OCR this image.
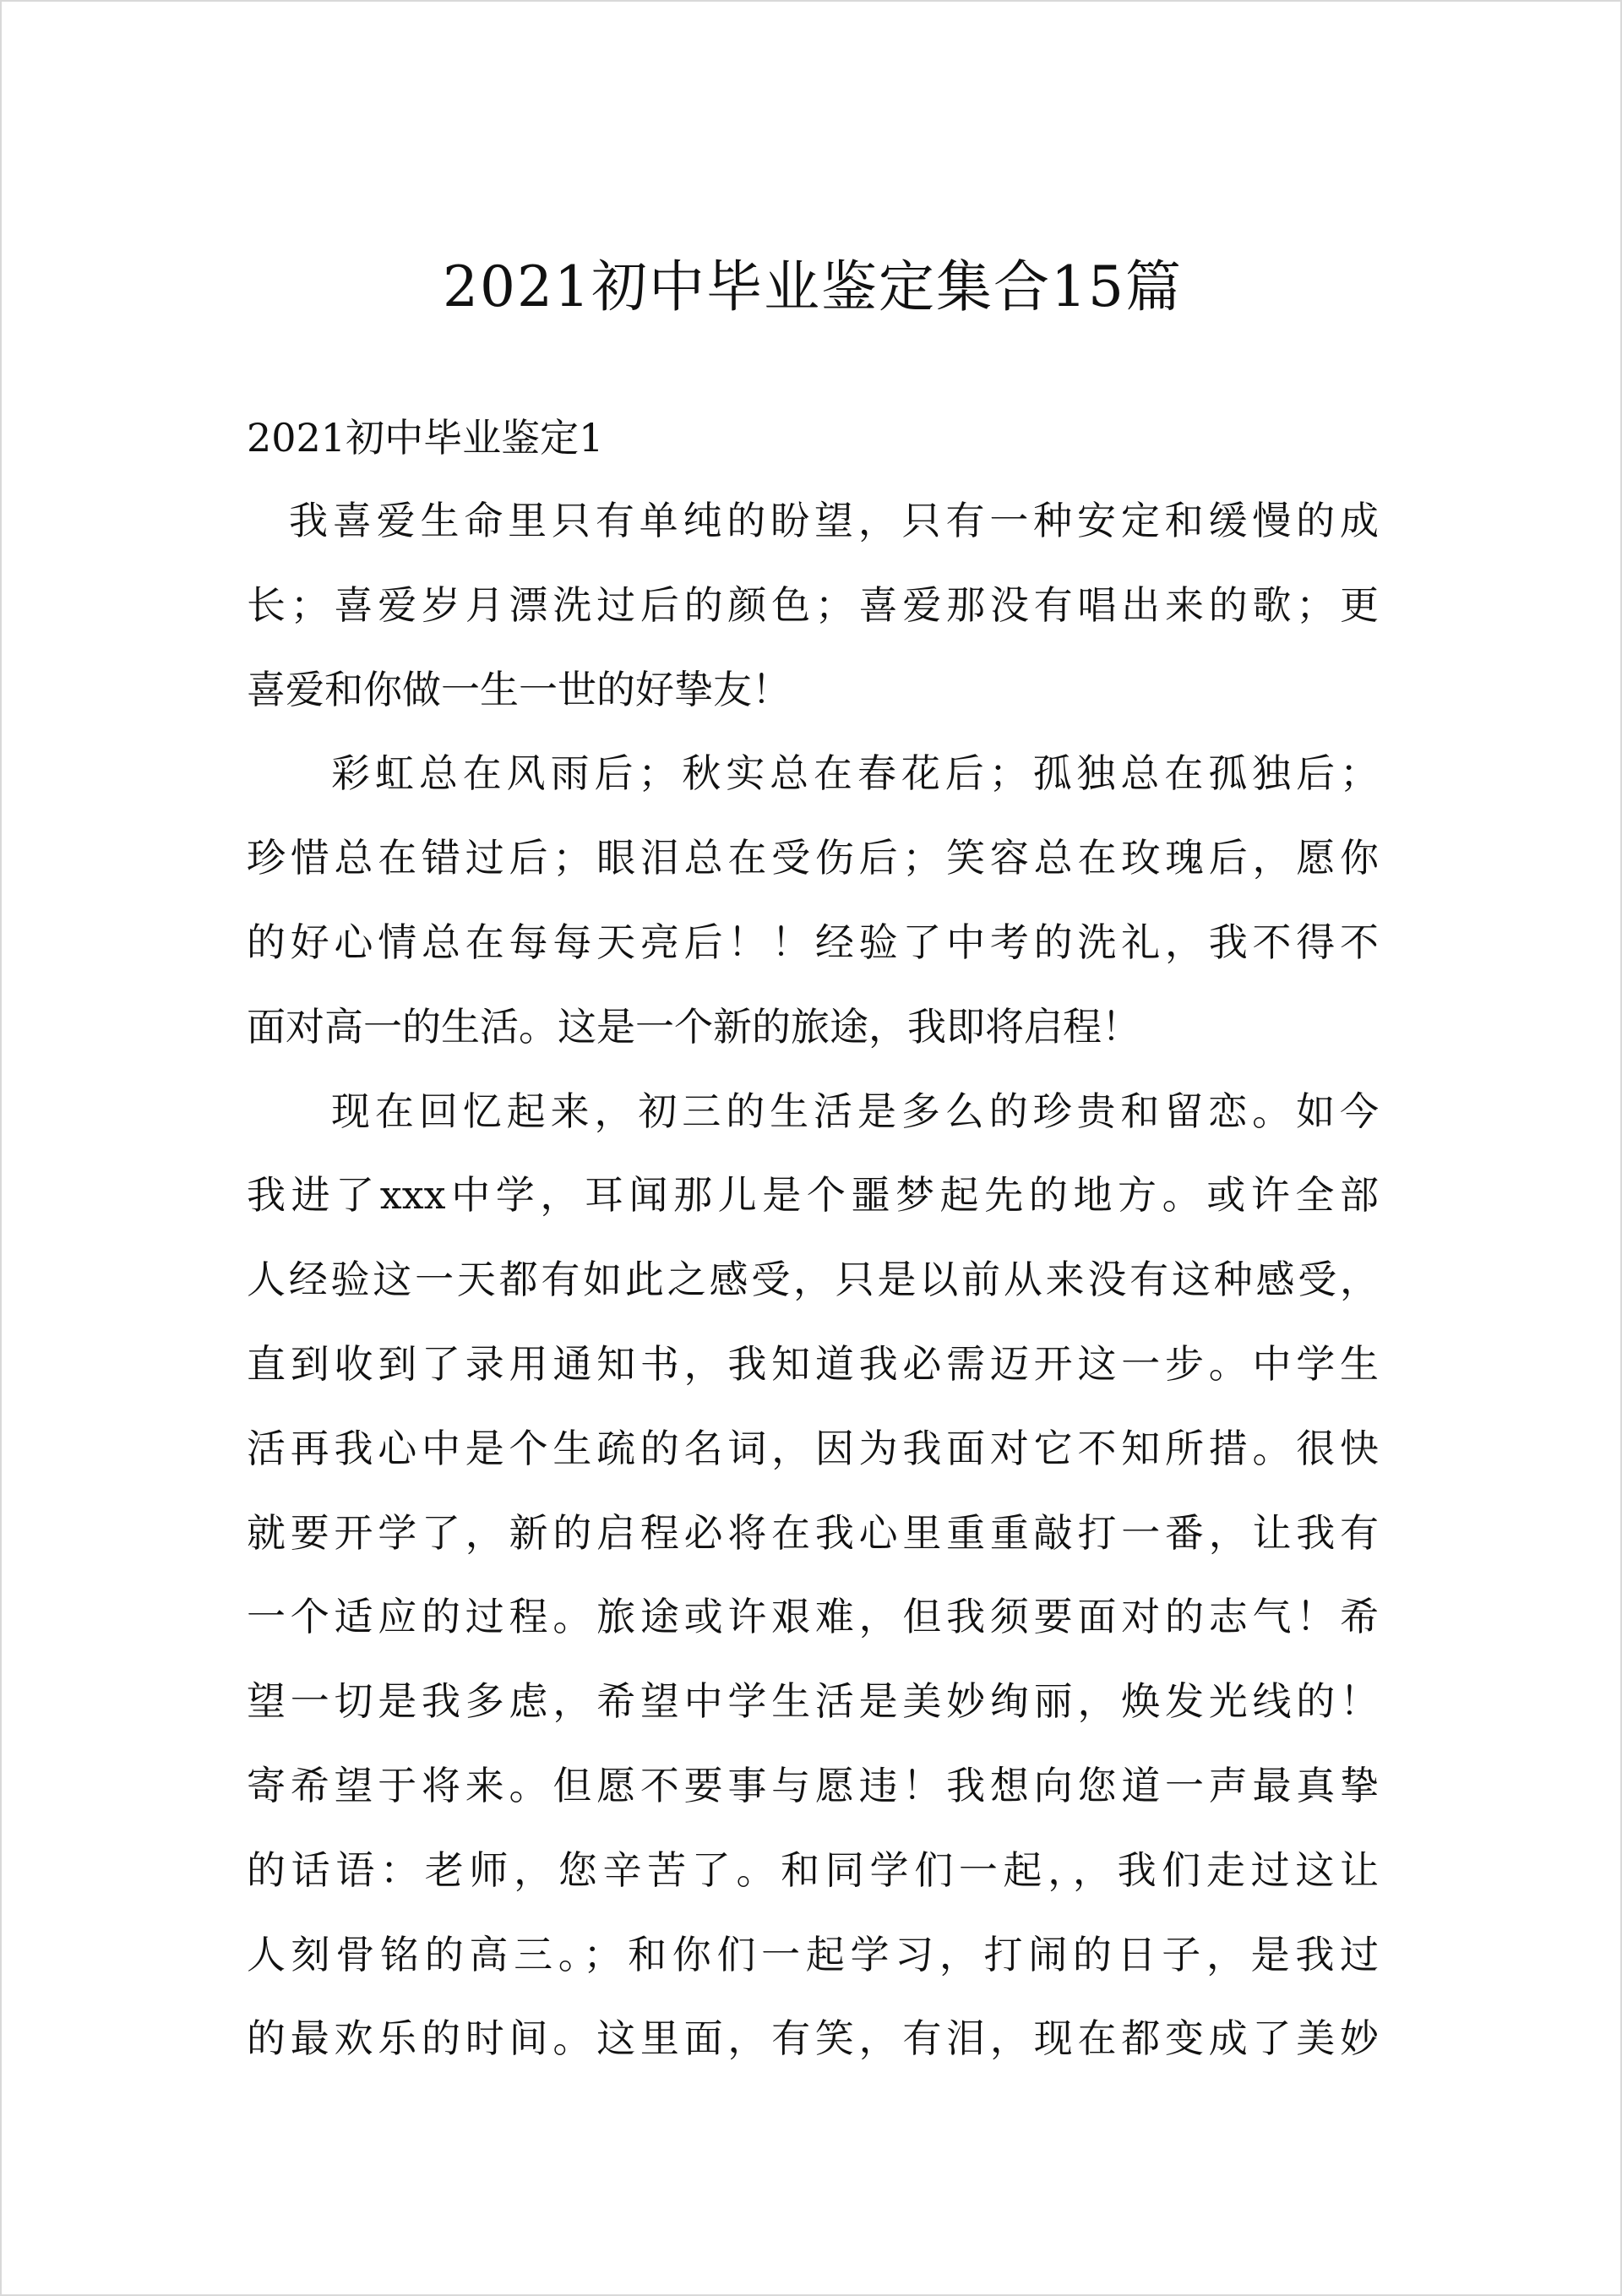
2021初中毕业鉴定集合15篇
2021初中毕业鉴定1
我喜爱生命里只有单纯的盼望，只有一种安定和缓慢的成
长；喜爱岁月漂洗过后的颜色；喜爱那没有唱出来的歌；更
喜爱和你做一生一世的好挚友！
彩虹总在风雨后；秋实总在春花后；孤独总在孤独后；
珍惜总在错过后；眼泪总在受伤后；笑容总在玫瑰后，愿你
的好心情总在每每天亮后！！经验了中考的洗礼，我不得不
面对高一的生活。这是一个新的旅途，我即将启程！
现在回忆起来，初三的生活是多么的珍贵和留恋。如今
我进了xxx中学，耳闻那儿是个噩梦起先的地方。或许全部
人经验这一天都有如此之感受，只是以前从来没有这种感受，
直到收到了录用通知书，我知道我必需迈开这一步。中学生
活再我心中是个生疏的名词，因为我面对它不知所措。很快
就要开学了，新的启程必将在我心里重重敲打一番，让我有
一个适应的过程。旅途或许艰难，但我须要面对的志气！希
望一切是我多虑，希望中学生活是美妙绚丽，焕发光线的！
寄希望于将来。但愿不要事与愿违！我想向您道一声最真挚
的话语：老师，您辛苦了。和同学们一起，，我们走过这让
人刻骨铭的高三。；和你们一起学习，打闹的日子，是我过
的最欢乐的时间。这里面，有笑，有泪，现在都变成了美妙
